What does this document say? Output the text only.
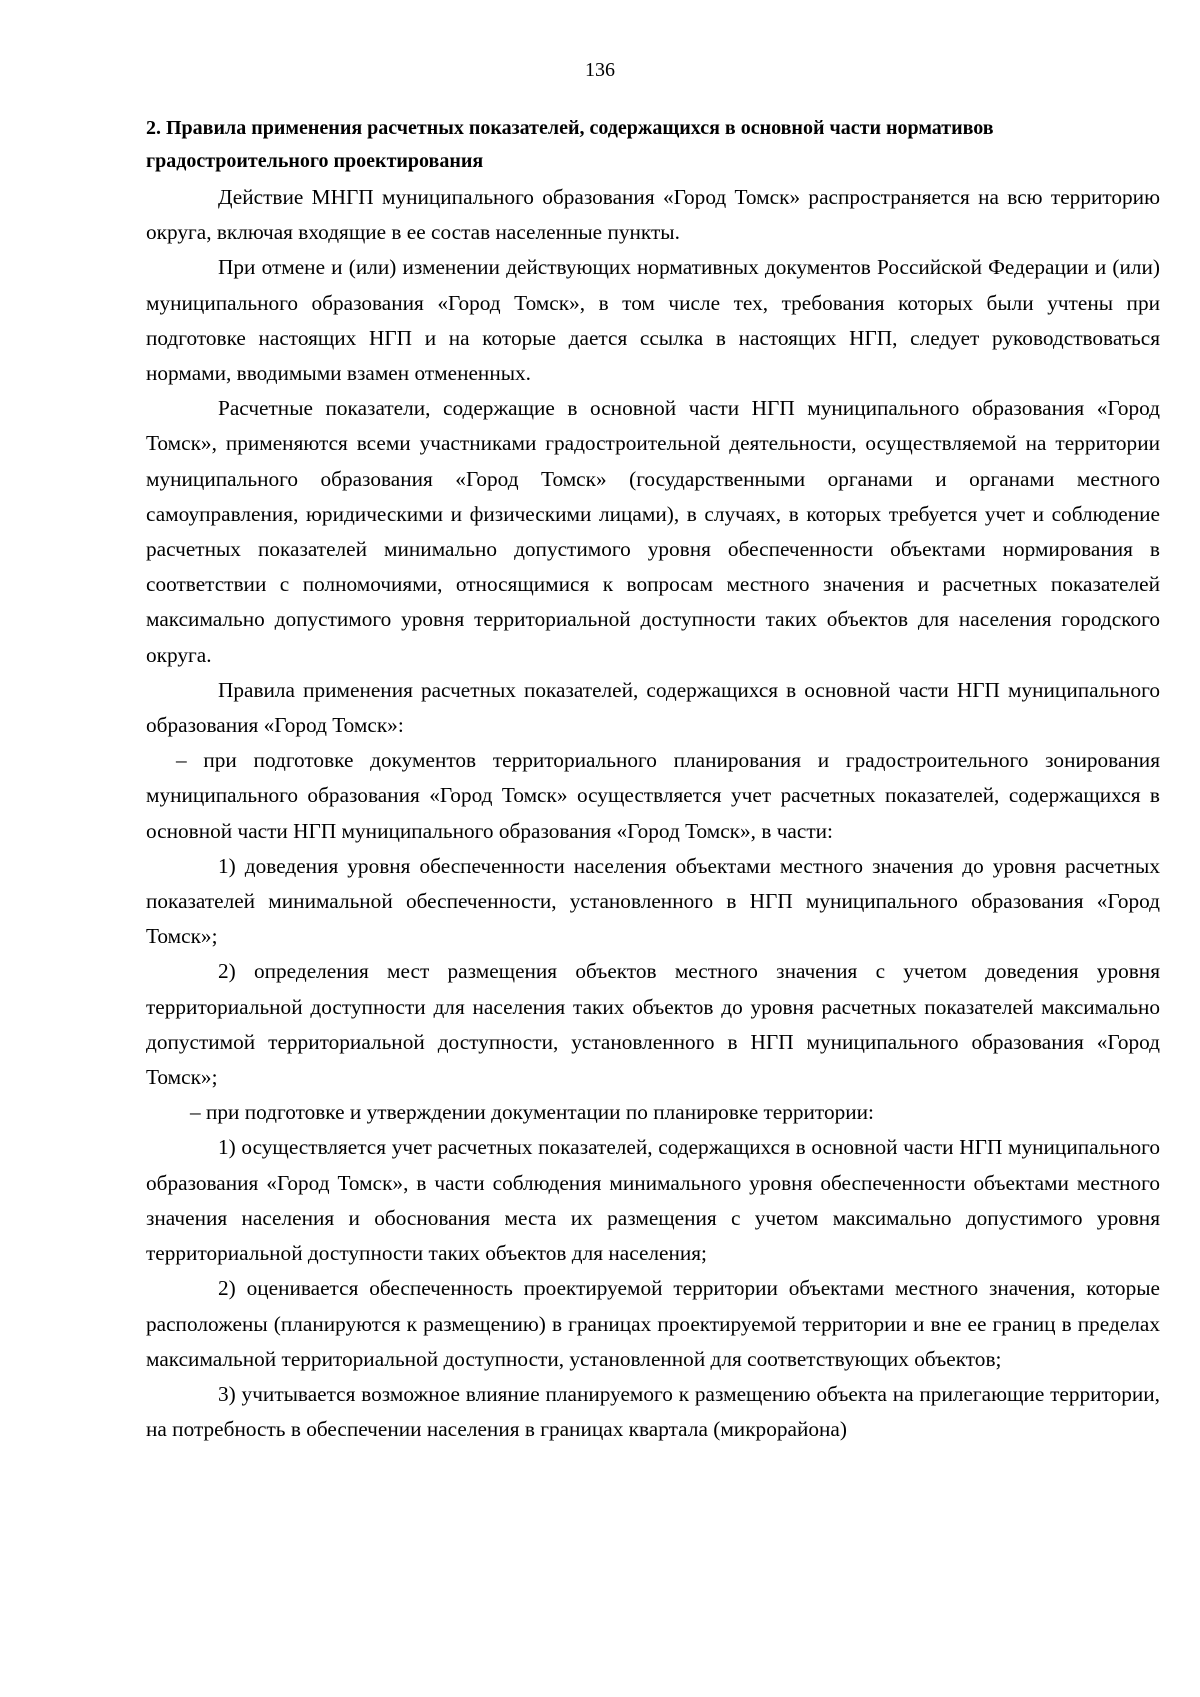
136

2. Правила применения расчетных показателей, содержащихся в основной части нормативов градостроительного проектирования

Действие МНГП муниципального образования «Город Томск» распространяется на всю территорию округа, включая входящие в ее состав населенные пункты.

При отмене и (или) изменении действующих нормативных документов Российской Федерации и (или) муниципального образования «Город Томск», в том числе тех, требования которых были учтены при подготовке настоящих НГП и на которые дается ссылка в настоящих НГП, следует руководствоваться нормами, вводимыми взамен отмененных.

Расчетные показатели, содержащие в основной части НГП муниципального образования «Город Томск», применяются всеми участниками градостроительной деятельности, осуществляемой на территории муниципального образования «Город Томск» (государственными органами и органами местного самоуправления, юридическими и физическими лицами), в случаях, в которых требуется учет и соблюдение расчетных показателей минимально допустимого уровня обеспеченности объектами нормирования в соответствии с полномочиями, относящимися к вопросам местного значения и расчетных показателей максимально допустимого уровня территориальной доступности таких объектов для населения городского округа.

Правила применения расчетных показателей, содержащихся в основной части НГП муниципального образования «Город Томск»:

– при подготовке документов территориального планирования и градостроительного зонирования муниципального образования «Город Томск» осуществляется учет расчетных показателей, содержащихся в основной части НГП муниципального образования «Город Томск», в части:

1) доведения уровня обеспеченности населения объектами местного значения до уровня расчетных показателей минимальной обеспеченности, установленного в НГП муниципального образования «Город Томск»;

2) определения мест размещения объектов местного значения с учетом доведения уровня территориальной доступности для населения таких объектов до уровня расчетных показателей максимально допустимой территориальной доступности, установленного в НГП муниципального образования «Город Томск»;

– при подготовке и утверждении документации по планировке территории:

1) осуществляется учет расчетных показателей, содержащихся в основной части НГП муниципального образования «Город Томск», в части соблюдения минимального уровня обеспеченности объектами местного значения населения и обоснования места их размещения с учетом максимально допустимого уровня территориальной доступности таких объектов для населения;

2) оценивается обеспеченность проектируемой территории объектами местного значения, которые расположены (планируются к размещению) в границах проектируемой территории и вне ее границ в пределах максимальной территориальной доступности, установленной для соответствующих объектов;

3) учитывается возможное влияние планируемого к размещению объекта на прилегающие территории, на потребность в обеспечении населения в границах квартала (микрорайона)
